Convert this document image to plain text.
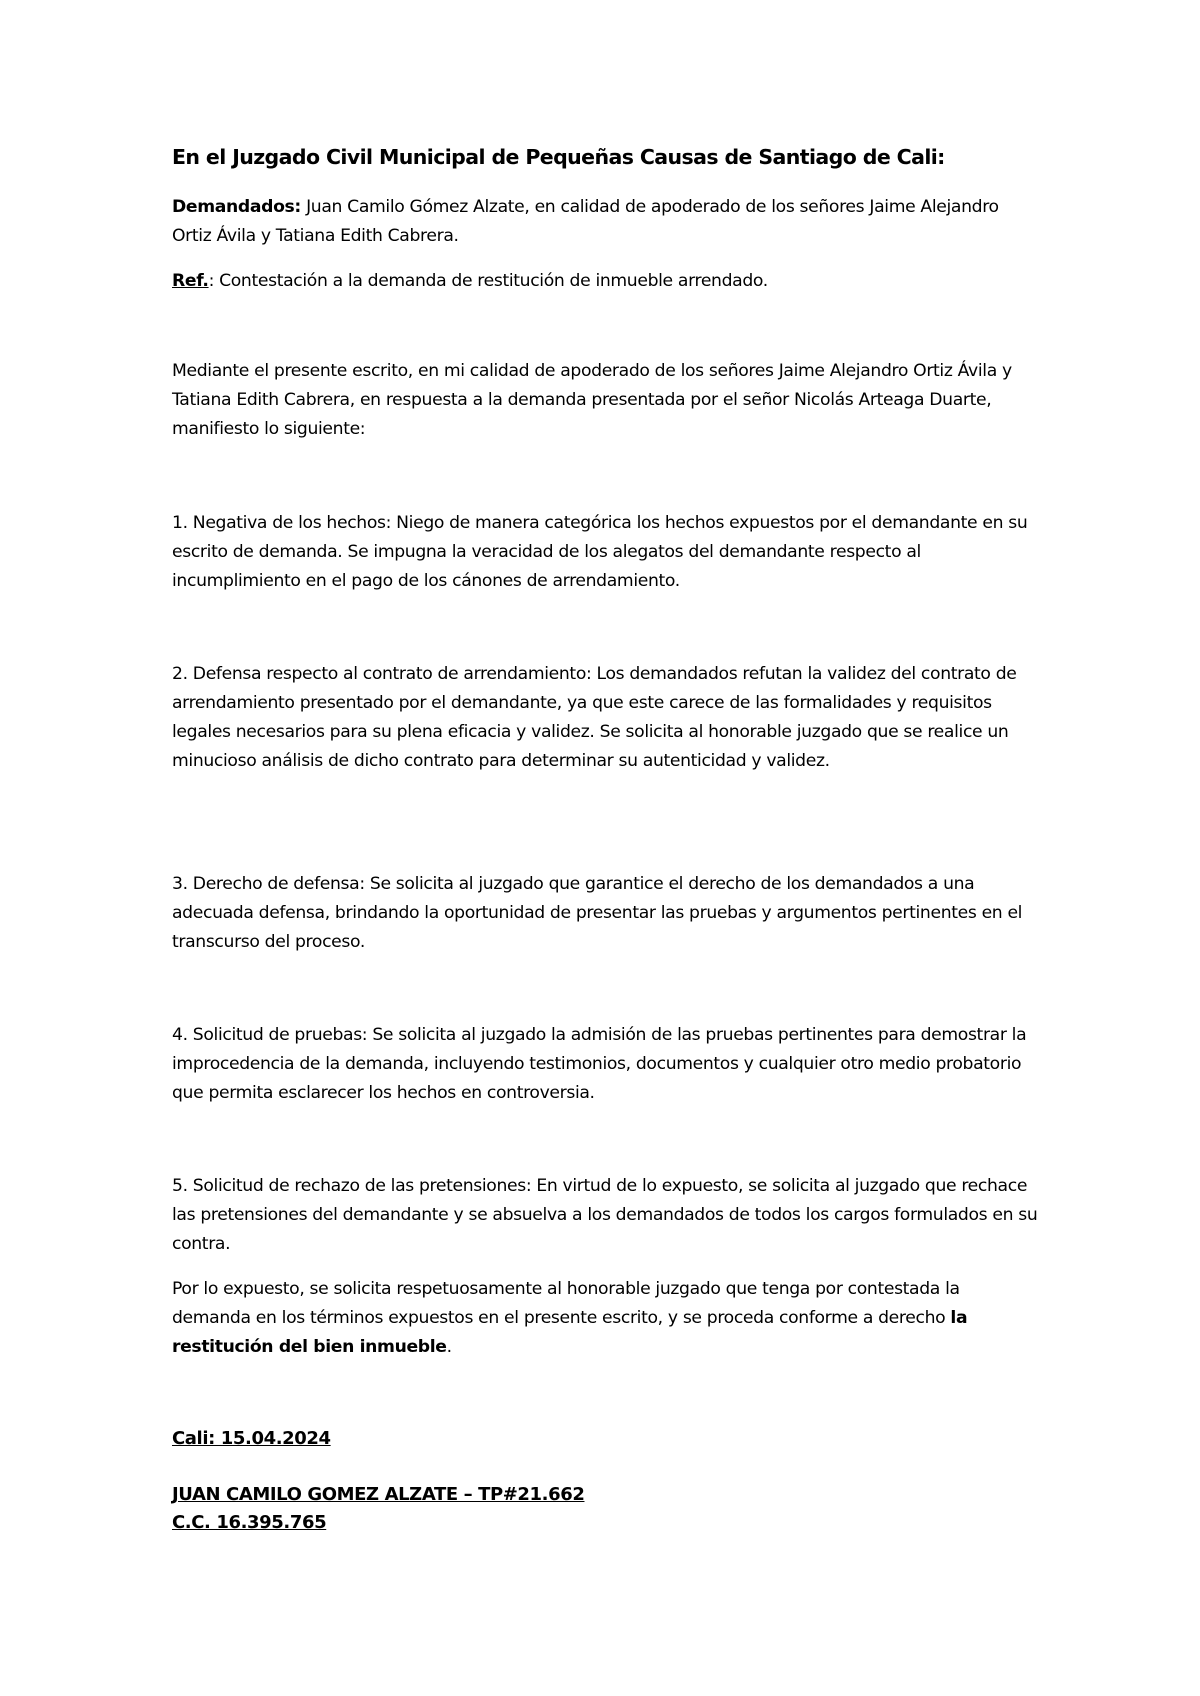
En el Juzgado Civil Municipal de Pequeñas Causas de Santiago de Cali:

Demandados: Juan Camilo Gómez Alzate, en calidad de apoderado de los señores Jaime Alejandro Ortiz Ávila y Tatiana Edith Cabrera.

Ref.: Contestación a la demanda de restitución de inmueble arrendado.

Mediante el presente escrito, en mi calidad de apoderado de los señores Jaime Alejandro Ortiz Ávila y Tatiana Edith Cabrera, en respuesta a la demanda presentada por el señor Nicolás Arteaga Duarte, manifiesto lo siguiente:

1. Negativa de los hechos: Niego de manera categórica los hechos expuestos por el demandante en su escrito de demanda. Se impugna la veracidad de los alegatos del demandante respecto al incumplimiento en el pago de los cánones de arrendamiento.

2. Defensa respecto al contrato de arrendamiento: Los demandados refutan la validez del contrato de arrendamiento presentado por el demandante, ya que este carece de las formalidades y requisitos legales necesarios para su plena eficacia y validez. Se solicita al honorable juzgado que se realice un minucioso análisis de dicho contrato para determinar su autenticidad y validez.

3. Derecho de defensa: Se solicita al juzgado que garantice el derecho de los demandados a una adecuada defensa, brindando la oportunidad de presentar las pruebas y argumentos pertinentes en el transcurso del proceso.

4. Solicitud de pruebas: Se solicita al juzgado la admisión de las pruebas pertinentes para demostrar la improcedencia de la demanda, incluyendo testimonios, documentos y cualquier otro medio probatorio que permita esclarecer los hechos en controversia.

5. Solicitud de rechazo de las pretensiones: En virtud de lo expuesto, se solicita al juzgado que rechace las pretensiones del demandante y se absuelva a los demandados de todos los cargos formulados en su contra.

Por lo expuesto, se solicita respetuosamente al honorable juzgado que tenga por contestada la demanda en los términos expuestos en el presente escrito, y se proceda conforme a derecho la restitución del bien inmueble.

Cali: 15.04.2024
JUAN CAMILO GOMEZ ALZATE – TP#21.662
C.C. 16.395.765
